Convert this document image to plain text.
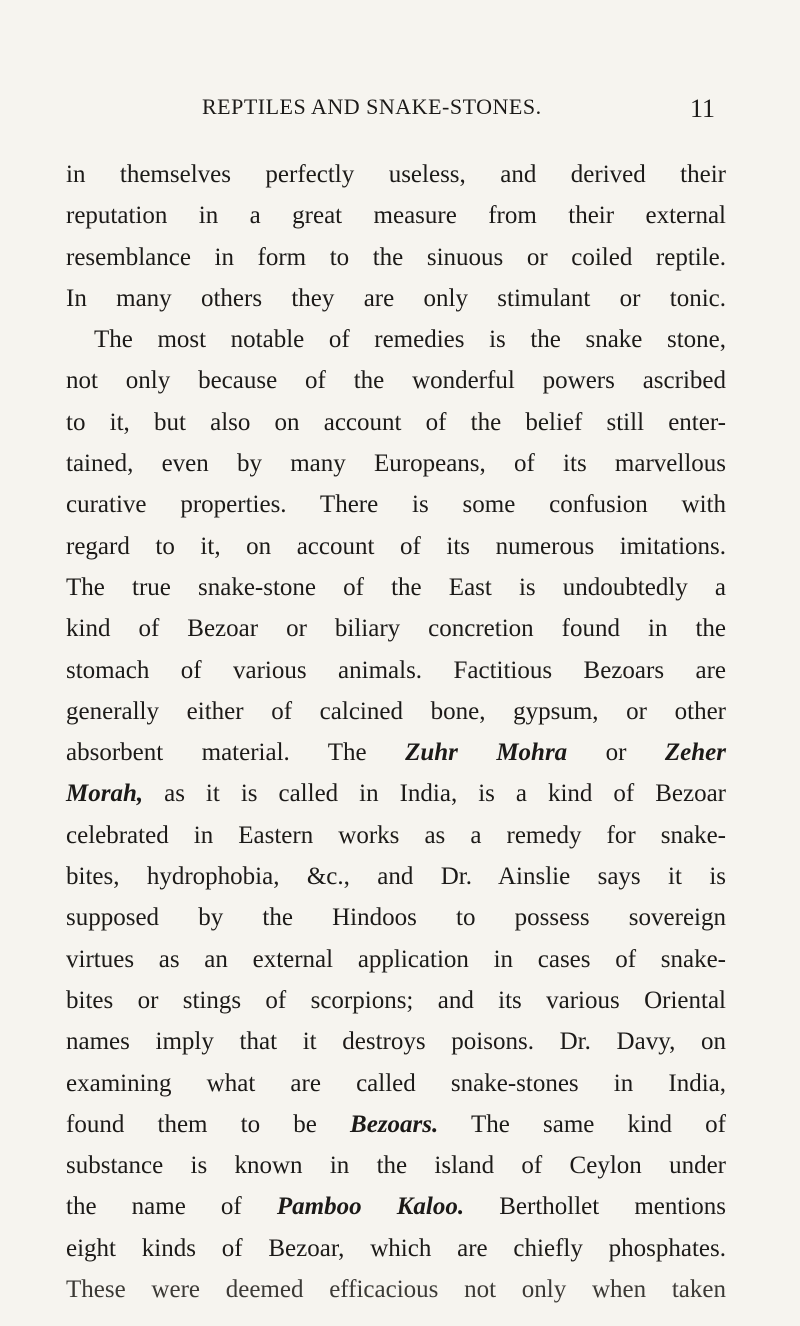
REPTILES AND SNAKE-STONES.	11
in themselves perfectly useless, and derived their
reputation in a great measure from their external
resemblance in form to the sinuous or coiled reptile.
In many others they are only stimulant or tonic.
The most notable of remedies is the snake stone,
not only because of the wonderful powers ascribed
to it, but also on account of the belief still enter-
tained, even by many Europeans, of its marvellous
curative properties. There is some confusion with
regard to it, on account of its numerous imitations.
The true snake-stone of the East is undoubtedly a
kind of Bezoar or biliary concretion found in the
stomach of various animals. Factitious Bezoars are
generally either of calcined bone, gypsum, or other
absorbent material. The Zuhr Mohra or Zeher
Morah, as it is called in India, is a kind of Bezoar
celebrated in Eastern works as a remedy for snake-
bites, hydrophobia, &c., and Dr. Ainslie says it is
supposed by the Hindoos to possess sovereign
virtues as an external application in cases of snake-
bites or stings of scorpions; and its various Oriental
names imply that it destroys poisons. Dr. Davy, on
examining what are called snake-stones in India,
found them to be Bezoars. The same kind of
substance is known in the island of Ceylon under
the name of Pamboo Kaloo. Berthollet mentions
eight kinds of Bezoar, which are chiefly phosphates.
These were deemed efficacious not only when taken
